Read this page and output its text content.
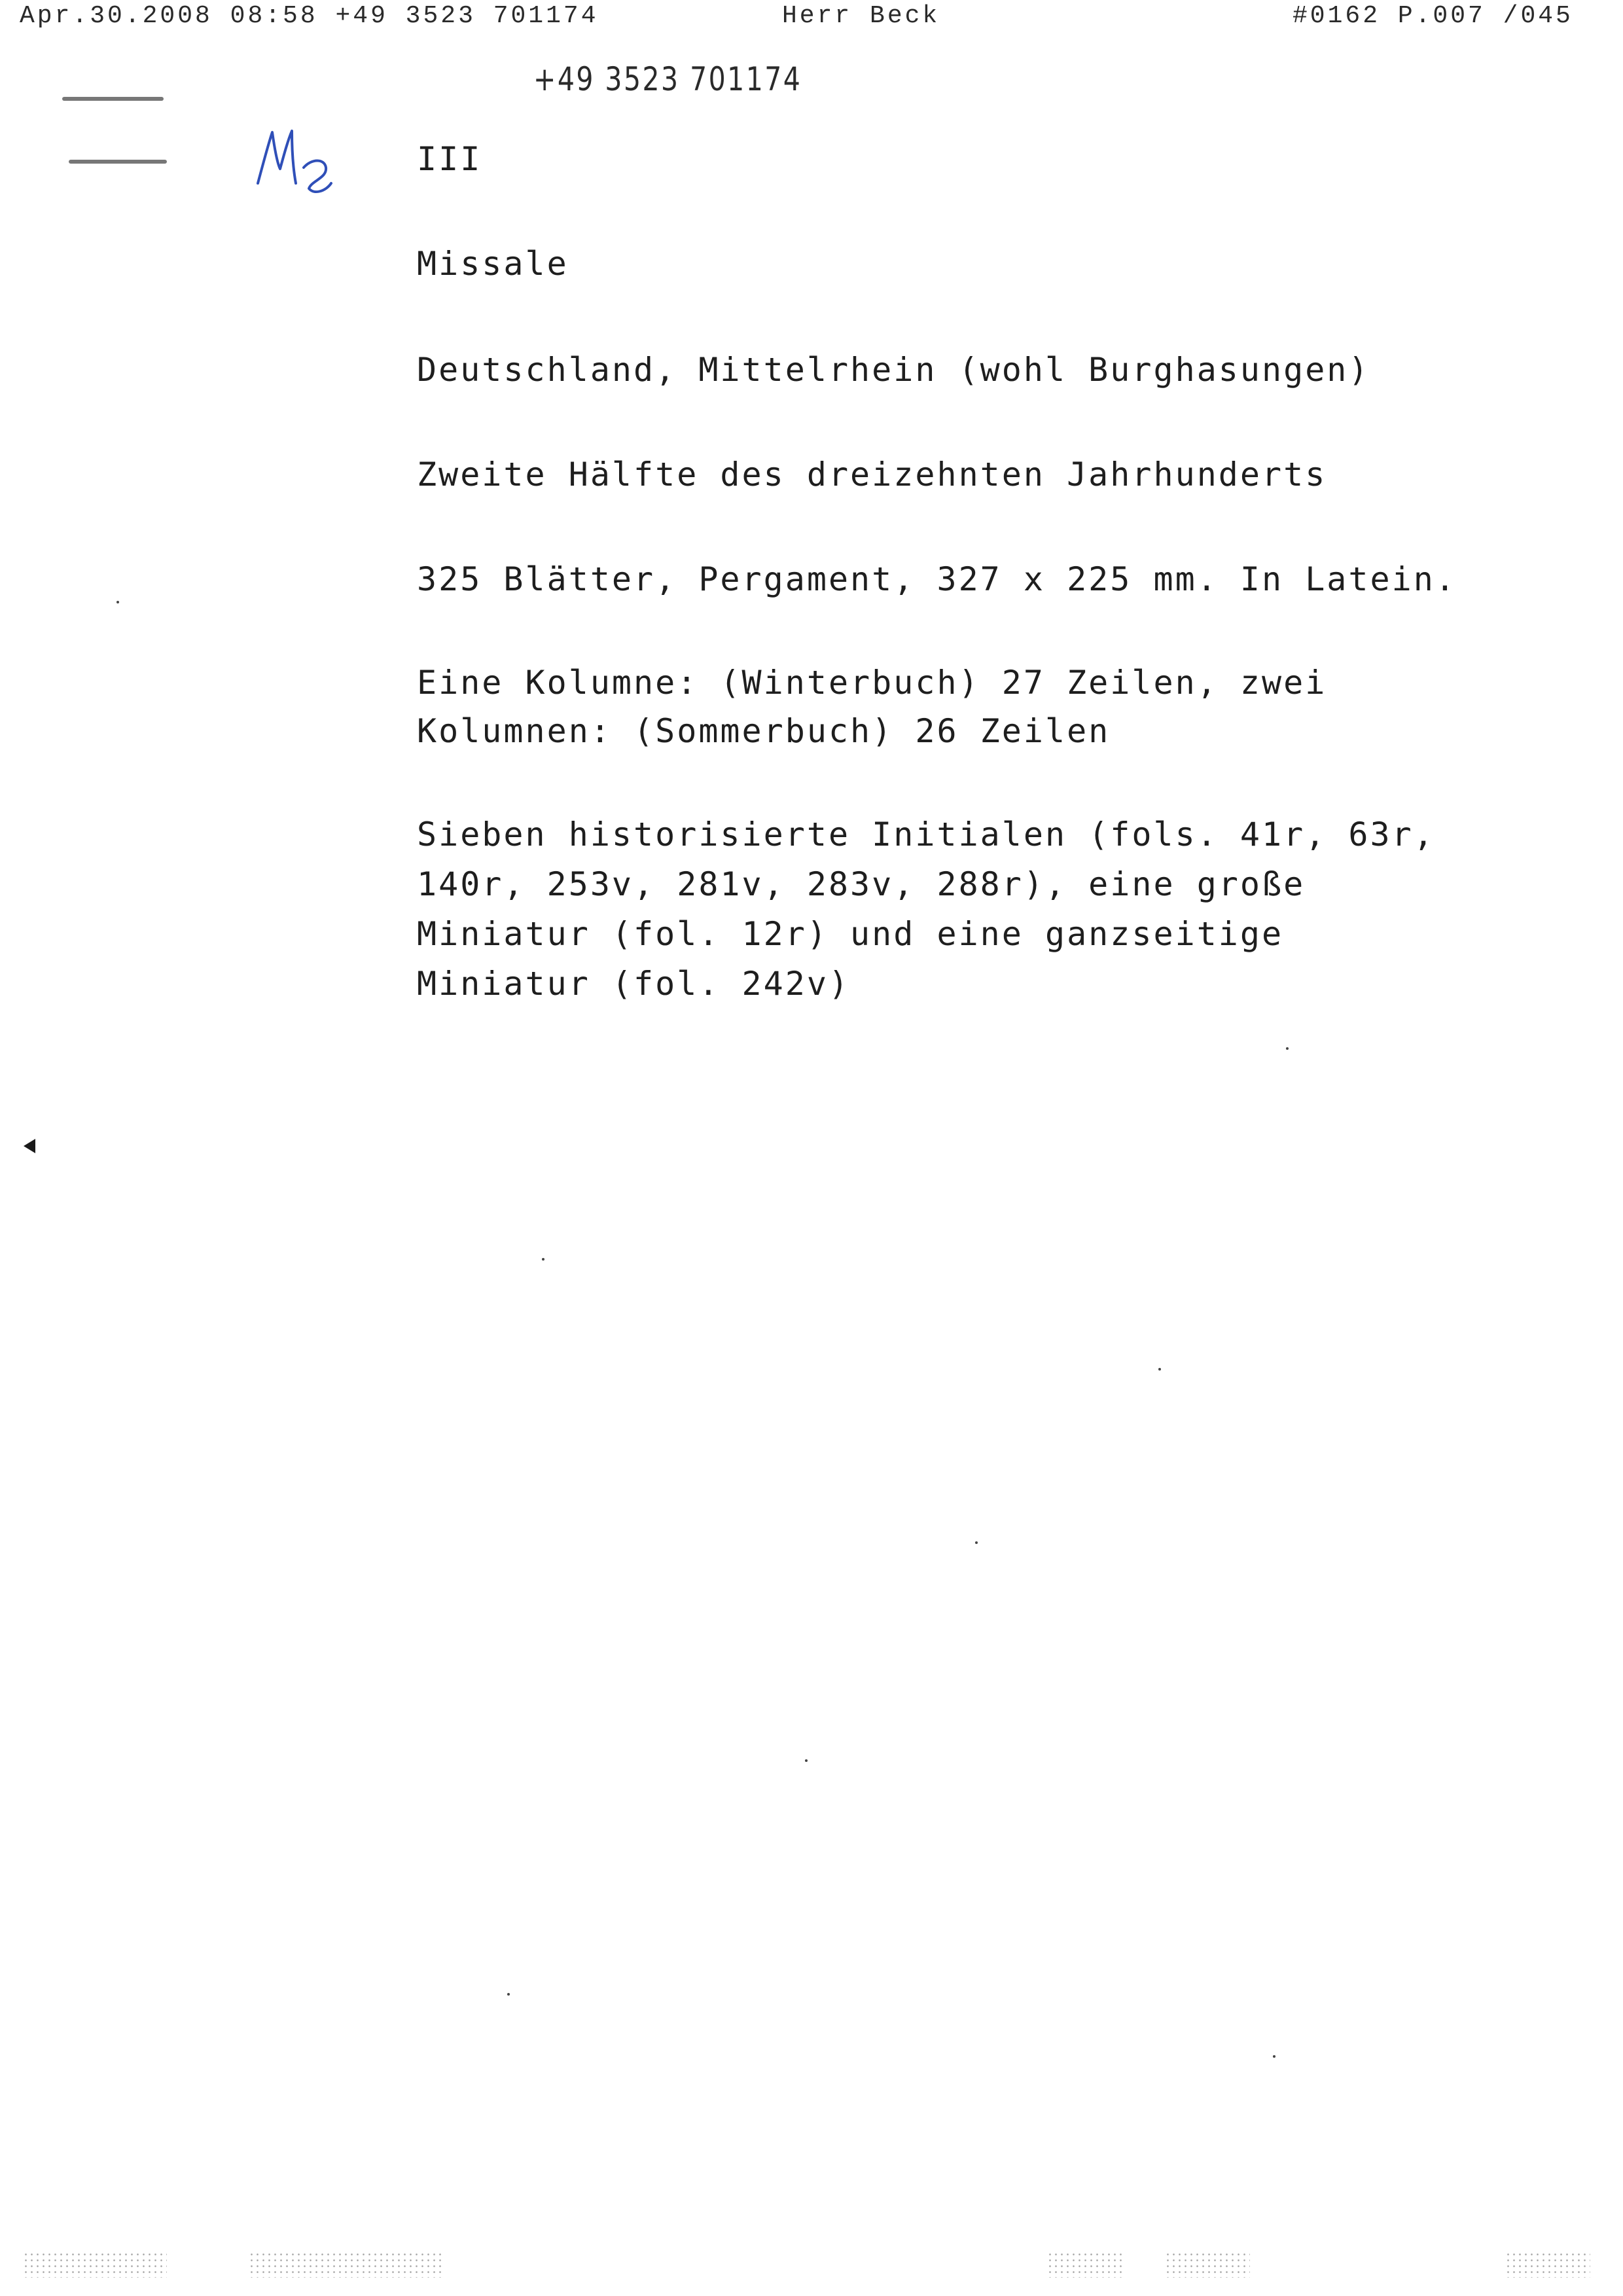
Apr.30.2008 08:58 +49 3523 701174	Herr Beck	#0162 P.007 /045
+49 3523 701174
III
Missale
Deutschland, Mittelrhein (wohl Burghasungen)
Zweite Hälfte des dreizehnten Jahrhunderts
325 Blätter, Pergament, 327 x 225 mm. In Latein.
Eine Kolumne: (Winterbuch) 27 Zeilen, zwei
Kolumnen: (Sommerbuch) 26 Zeilen
Sieben historisierte Initialen (fols. 41r, 63r,
140r, 253v, 281v, 283v, 288r), eine große
Miniatur (fol. 12r) und eine ganzseitige
Miniatur (fol. 242v)
